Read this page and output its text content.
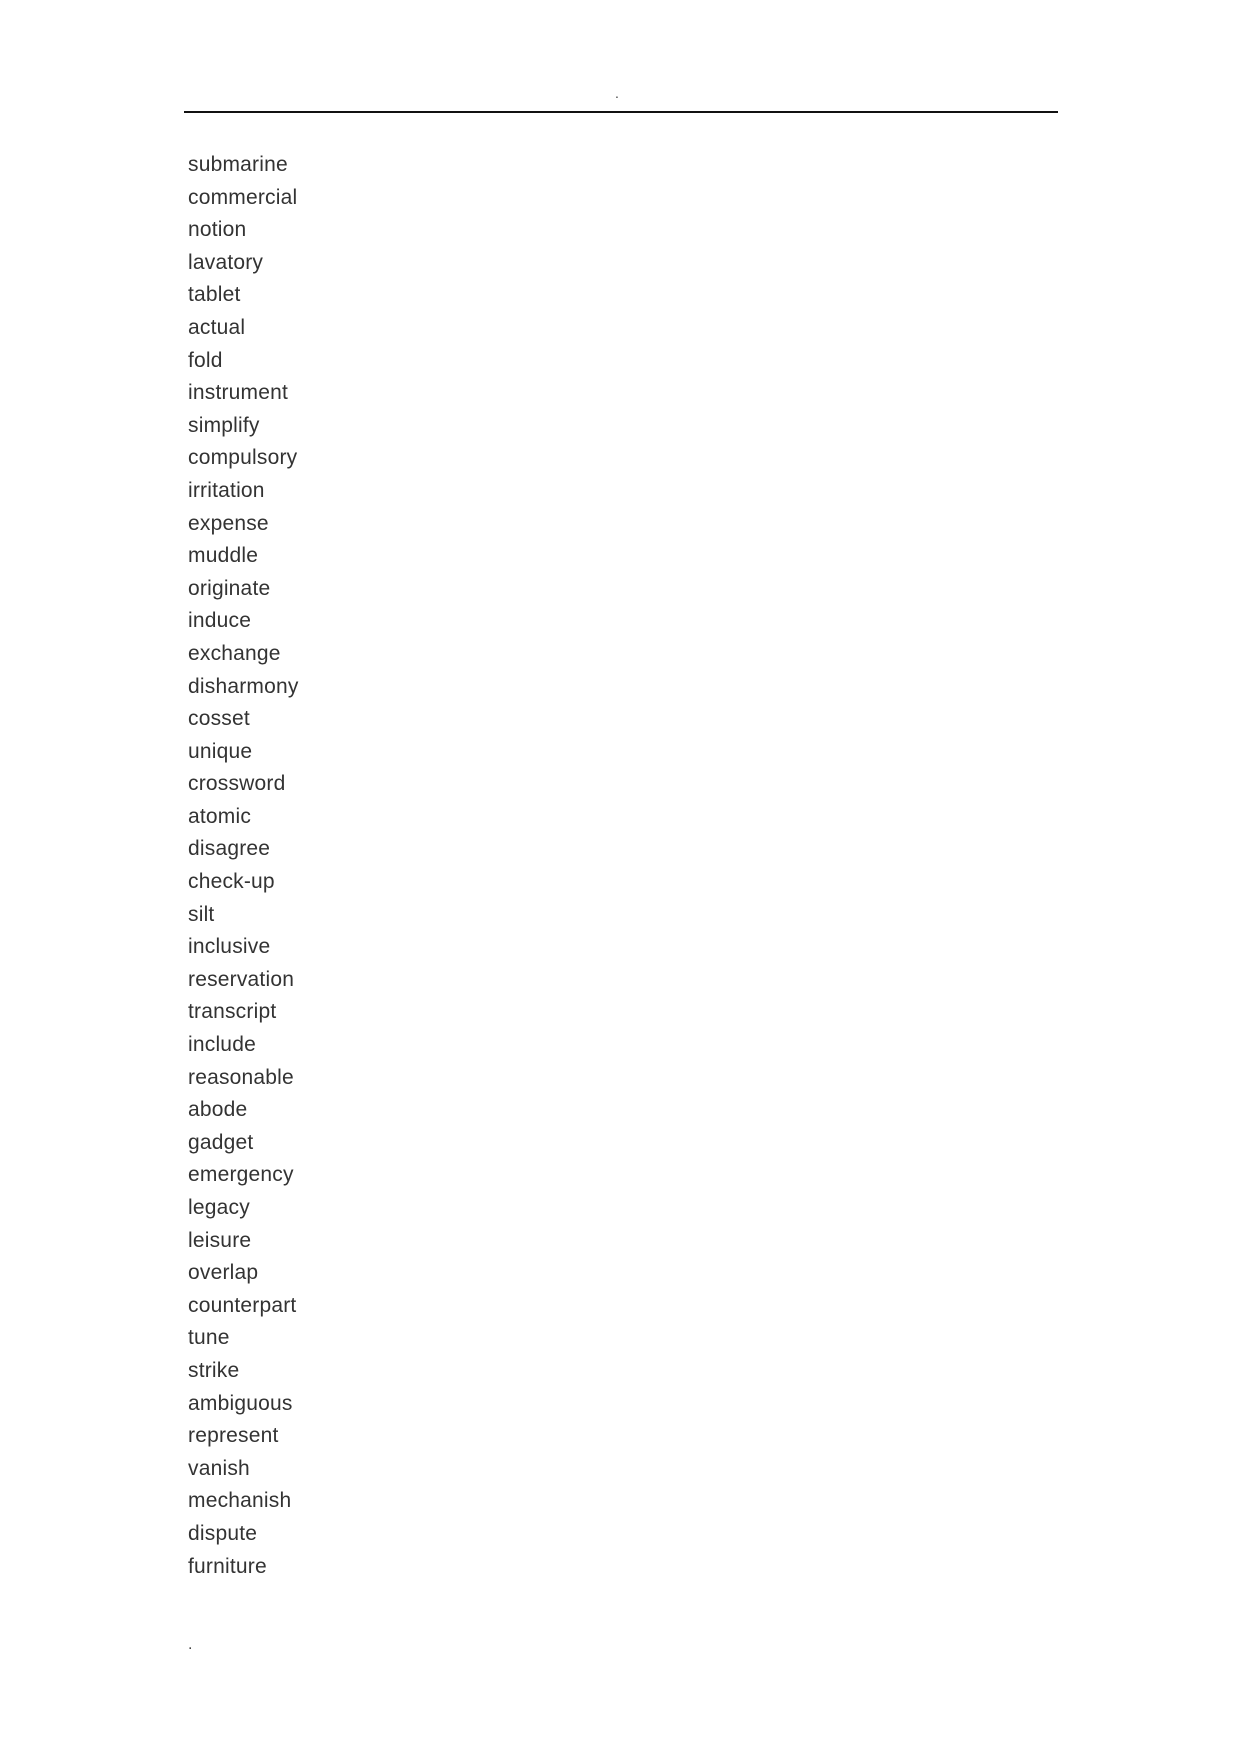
.
submarine
commercial
notion
lavatory
tablet
actual
fold
instrument
simplify
compulsory
irritation
expense
muddle
originate
induce
exchange
disharmony
cosset
unique
crossword
atomic
disagree
check-up
silt
inclusive
reservation
transcript
include
reasonable
abode
gadget
emergency
legacy
leisure
overlap
counterpart
tune
strike
ambiguous
represent
vanish
mechanish
dispute
furniture
.
